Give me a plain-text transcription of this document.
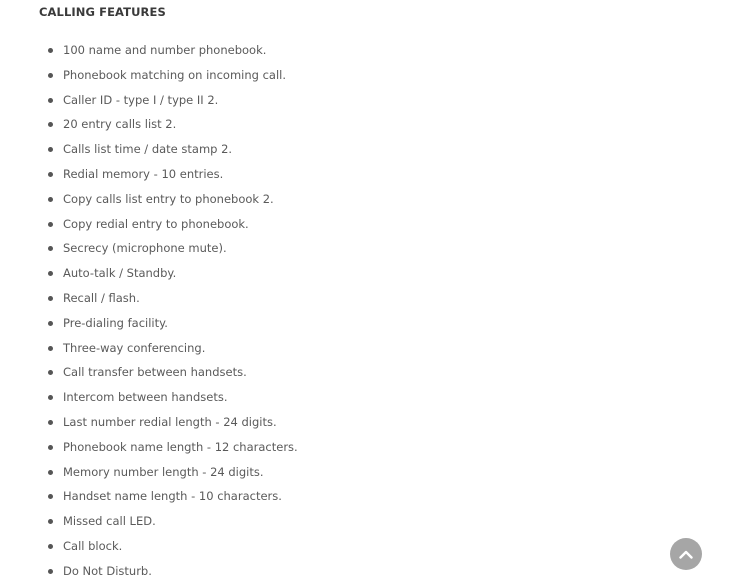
CALLING FEATURES
100 name and number phonebook.
Phonebook matching on incoming call.
Caller ID - type I / type II 2.
20 entry calls list 2.
Calls list time / date stamp 2.
Redial memory - 10 entries.
Copy calls list entry to phonebook 2.
Copy redial entry to phonebook.
Secrecy (microphone mute).
Auto-talk / Standby.
Recall / flash.
Pre-dialing facility.
Three-way conferencing.
Call transfer between handsets.
Intercom between handsets.
Last number redial length - 24 digits.
Phonebook name length - 12 characters.
Memory number length - 24 digits.
Handset name length - 10 characters.
Missed call LED.
Call block.
Do Not Disturb.
